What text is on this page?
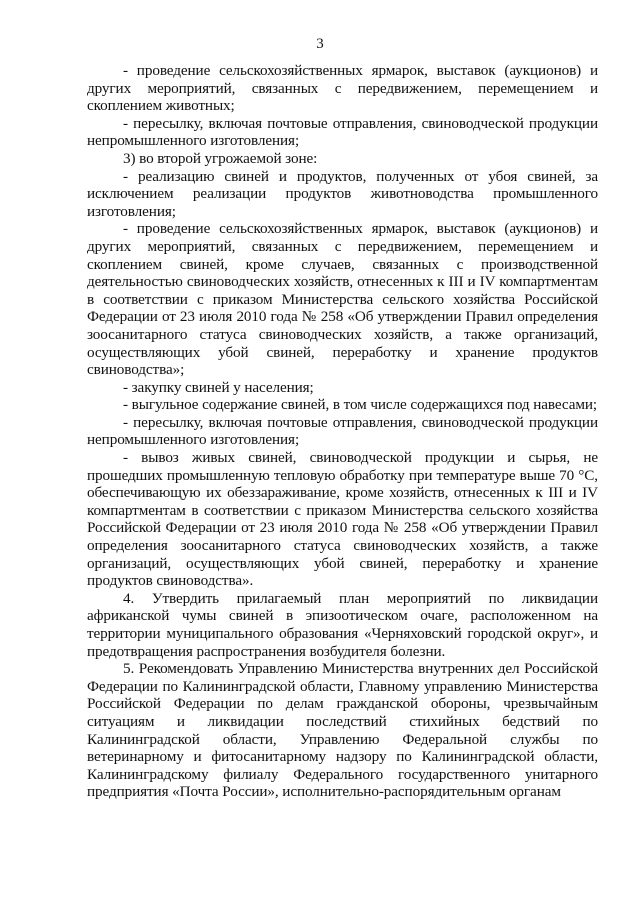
3

- проведение сельскохозяйственных ярмарок, выставок (аукционов) и других мероприятий, связанных с передвижением, перемещением и скоплением животных;

- пересылку, включая почтовые отправления, свиноводческой продукции непромышленного изготовления;

3) во второй угрожаемой зоне:

- реализацию свиней и продуктов, полученных от убоя свиней, за исключением реализации продуктов животноводства промышленного изготовления;

- проведение сельскохозяйственных ярмарок, выставок (аукционов) и других мероприятий, связанных с передвижением, перемещением и скоплением свиней, кроме случаев, связанных с производственной деятельностью свиноводческих хозяйств, отнесенных к III и IV компартментам в соответствии с приказом Министерства сельского хозяйства Российской Федерации от 23 июля 2010 года № 258 «Об утверждении Правил определения зоосанитарного статуса свиноводческих хозяйств, а также организаций, осуществляющих убой свиней, переработку и хранение продуктов свиноводства»;

- закупку свиней у населения;

- выгульное содержание свиней, в том числе содержащихся под навесами;

- пересылку, включая почтовые отправления, свиноводческой продукции непромышленного изготовления;

- вывоз живых свиней, свиноводческой продукции и сырья, не прошедших промышленную тепловую обработку при температуре выше 70 °С, обеспечивающую их обеззараживание, кроме хозяйств, отнесенных к III и IV компартментам в соответствии с приказом Министерства сельского хозяйства Российской Федерации от 23 июля 2010 года № 258 «Об утверждении Правил определения зоосанитарного статуса свиноводческих хозяйств, а также организаций, осуществляющих убой свиней, переработку и хранение продуктов свиноводства».

4. Утвердить прилагаемый план мероприятий по ликвидации африканской чумы свиней в эпизоотическом очаге, расположенном на территории муниципального образования «Черняховский городской округ», и предотвращения распространения возбудителя болезни.

5. Рекомендовать Управлению Министерства внутренних дел Российской Федерации по Калининградской области, Главному управлению Министерства Российской Федерации по делам гражданской обороны, чрезвычайным ситуациям и ликвидации последствий стихийных бедствий по Калининградской области, Управлению Федеральной службы по ветеринарному и фитосанитарному надзору по Калининградской области, Калининградскому филиалу Федерального государственного унитарного предприятия «Почта России», исполнительно-распорядительным органам
